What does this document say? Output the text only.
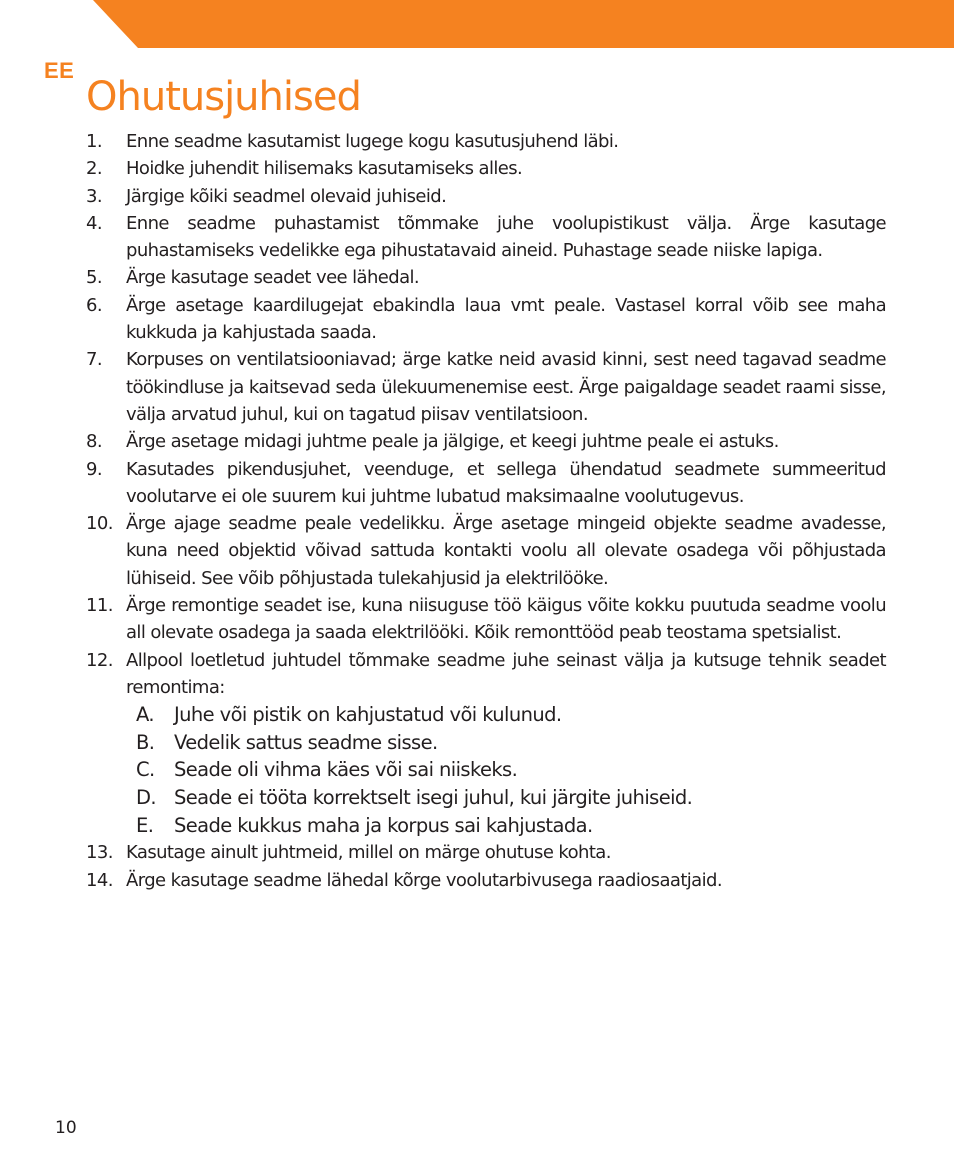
EE
Ohutusjuhised
1.	Enne seadme kasutamist lugege kogu kasutusjuhend läbi.
2.	Hoidke juhendit hilisemaks kasutamiseks alles.
3.	Järgige kõiki seadmel olevaid juhiseid.
4.	Enne seadme puhastamist tõmmake juhe voolupistikust välja. Ärge kasutage puhastamiseks vedelikke ega pihustatavaid aineid. Puhastage seade niiske lapiga.
5.	Ärge kasutage seadet vee lähedal.
6.	Ärge asetage kaardilugejat ebakindla laua vmt peale. Vastasel korral võib see maha kukkuda ja kahjustada saada.
7.	Korpuses on ventilatsiooniavad; ärge katke neid avasid kinni, sest need tagavad seadme töökindluse ja kaitsevad seda ülekuumenemise eest. Ärge paigaldage seadet raami sisse, välja arvatud juhul, kui on tagatud piisav ventilatsioon.
8.	Ärge asetage midagi juhtme peale ja jälgige, et keegi juhtme peale ei astuks.
9.	Kasutades pikendusjuhet, veenduge, et sellega ühendatud seadmete summeeritud voolutarve ei ole suurem kui juhtme lubatud maksimaalne voolutugevus.
10. Ärge ajage seadme peale vedelikku. Ärge asetage mingeid objekte seadme avadesse, kuna need objektid võivad sattuda kontakti voolu all olevate osadega või põhjustada lühiseid. See võib põhjustada tulekahjusid ja elektrilööke.
11. Ärge remontige seadet ise, kuna niisuguse töö käigus võite kokku puutuda seadme voolu all olevate osadega ja saada elektrilööki. Kõik remonttööd peab teostama spetsialist.
12. Allpool loetletud juhtudel tõmmake seadme juhe seinast välja ja kutsuge tehnik seadet remontima:
A.	Juhe või pistik on kahjustatud või kulunud.
B.	Vedelik sattus seadme sisse.
C. Seade oli vihma käes või sai niiskeks.
D. Seade ei tööta korrektselt isegi juhul, kui järgite juhiseid.
E.	Seade kukkus maha ja korpus sai kahjustada.
13. Kasutage ainult juhtmeid, millel on märge ohutuse kohta.
14. Ärge kasutage seadme lähedal kõrge voolutarbivusega raadiosaatjaid.
10
